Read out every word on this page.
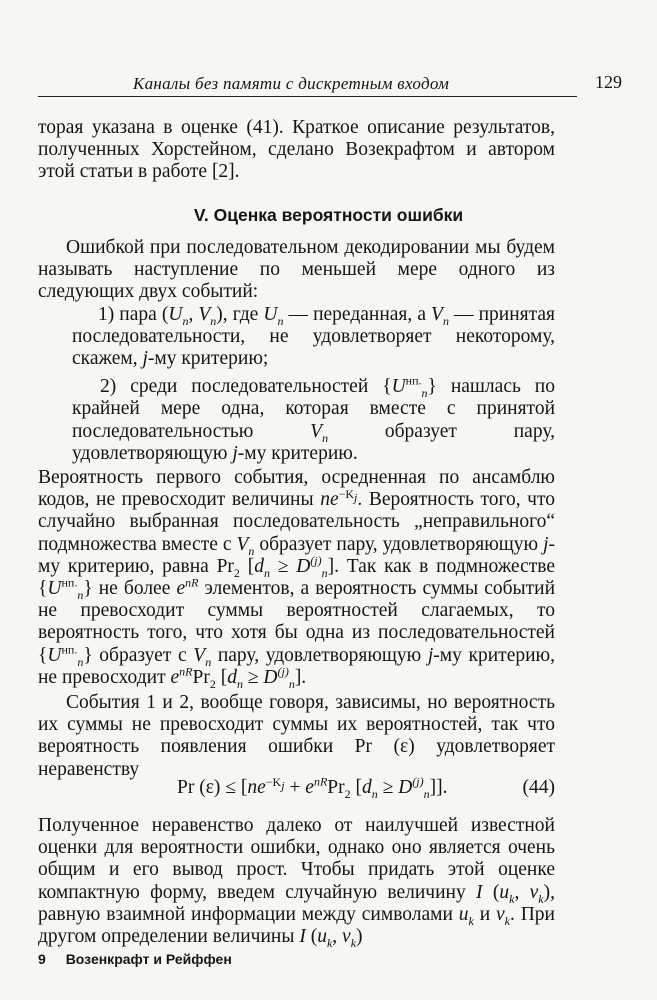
Каналы без памяти с дискретным входом	129

торая указана в оценке (41). Краткое описание результатов, полученных Хорстейном, сделано Возекрафтом и автором этой статьи в работе [2].

V. Оценка вероятности ошибки

Ошибкой при последовательном декодировании мы будем называть наступление по меньшей мере одного из следующих двух событий:

1) пара ($U_n$, $V_n$), где $U_n$ — переданная, а $V_n$ — принятая последовательности, не удовлетворяет некоторому, скажем, j-му критерию;

2) среди последовательностей $\{U^{нп.}_n\}$ нашлась по крайней мере одна, которая вместе с принятой последовательностью $V_n$ образует пару, удовлетворяющую j-му критерию.

Вероятность первого события, осредненная по ансамблю кодов, не превосходит величины $ne^{-K_j}$. Вероятность того, что случайно выбранная последовательность „неправильного“ подмножества вместе с $V_n$ образует пару, удовлетворяющую j-му критерию, равна $Pr_2$ $[d_n \ge D^{(j)}_n]$. Так как в подмножестве $\{U^{нп.}_n\}$ не более $e^{nR}$ элементов, а вероятность суммы событий не превосходит суммы вероятностей слагаемых, то вероятность того, что хотя бы одна из последовательностей $\{U^{нп.}_n\}$ образует с $V_n$ пару, удовлетворяющую j-му критерию, не превосходит $e^{nR}Pr_2$ $[d_n \ge D^{(j)}_n]$.

События 1 и 2, вообще говоря, зависимы, но вероятность их суммы не превосходит суммы их вероятностей, так что вероятность появления ошибки Pr (ε) удовлетворяет неравенству

Pr $(\varepsilon) \le [ne^{-K_j} + e^{nR}Pr_2$ $[d_n \ge D^{(j)}_n]$].	(44)

Полученное неравенство далеко от наилучшей известной оценки для вероятности ошибки, однако оно является очень общим и его вывод прост. Чтобы придать этой оценке компактную форму, введем случайную величину I ($u_k$, $v_k$), равную взаимной информации между символами $u_k$ и $v_k$. При другом определении величины I ($u_k$, $v_k$)

9 Возенкрафт и Рейффен
